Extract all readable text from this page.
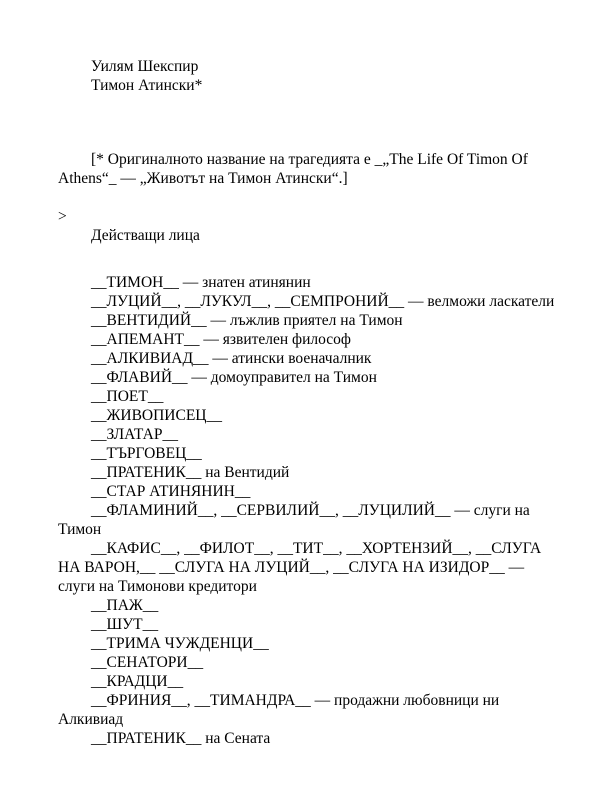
Уилям Шекспир
Тимон Атински*
[* Оригиналното название на трагедията е _„The Life Of Timon Of Athens“_ — „Животът на Тимон Атински“.]
>
Действащи лица
__ТИМОН__ — знатен атинянин
__ЛУЦИЙ__, __ЛУКУЛ__, __СЕМПРОНИЙ__ — велможи ласкатели
__ВЕНТИДИЙ__ — лъжлив приятел на Тимон
__АПЕМАНТ__ — язвителен философ
__АЛКИВИАД__ — атински военачалник
__ФЛАВИЙ__ — домоуправител на Тимон
__ПОЕТ__
__ЖИВОПИСЕЦ__
__ЗЛАТАР__
__ТЪРГОВЕЦ__
__ПРАТЕНИК__ на Вентидий
__СТАР АТИНЯНИН__
__ФЛАМИНИЙ__, __СЕРВИЛИЙ__, __ЛУЦИЛИЙ__ — слуги на Тимон
__КАФИС__, __ФИЛОТ__, __ТИТ__, __ХОРТЕНЗИЙ__, __СЛУГА НА ВАРОН,__ __СЛУГА НА ЛУЦИЙ__, __СЛУГА НА ИЗИДОР__ — слуги на Тимонови кредитори
__ПАЖ__
__ШУТ__
__ТРИМА ЧУЖДЕНЦИ__
__СЕНАТОРИ__
__КРАДЦИ__
__ФРИНИЯ__, __ТИМАНДРА__ — продажни любовници ни Алкивиад
__ПРАТЕНИК__ на Сената
